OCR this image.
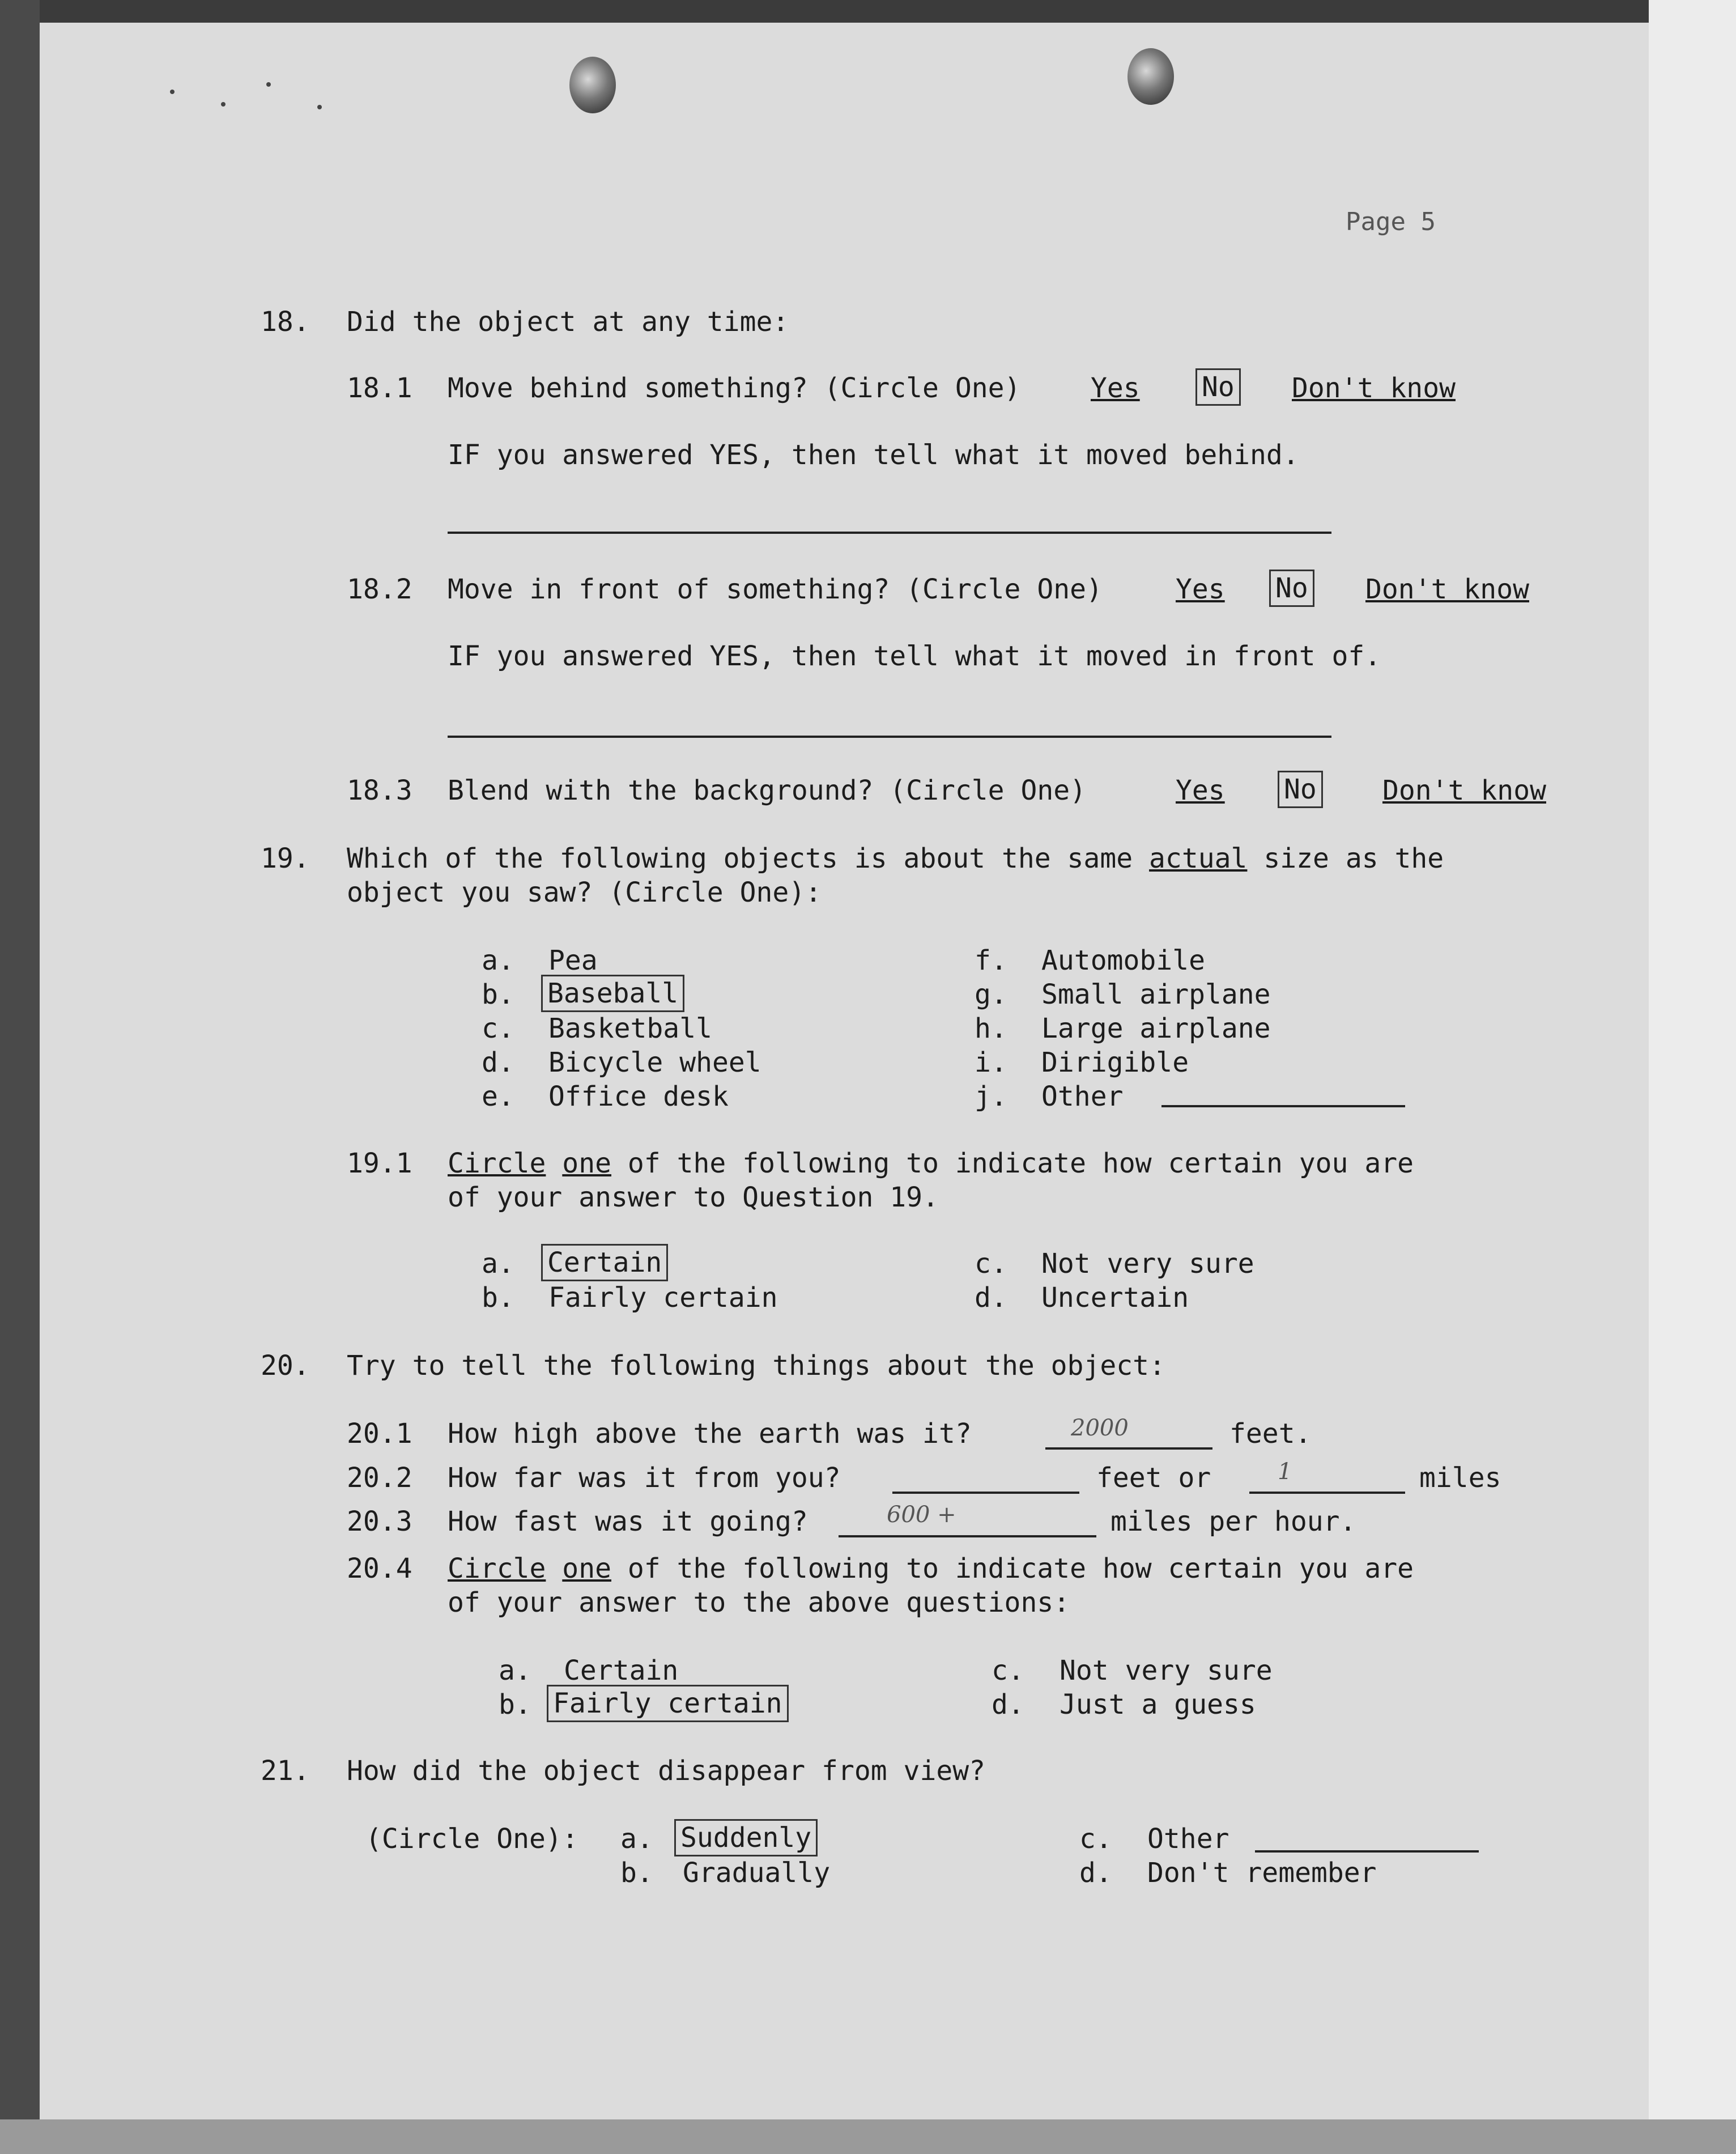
Page 5
18. Did the object at any time:
18.1 Move behind something? (Circle One)	Yes No Don't know
IF you answered YES, then tell what it moved behind.
18.2 Move in front of something? (Circle One)	Yes No Don't know
IF you answered YES, then tell what it moved in front of.
18.3 Blend with the background? (Circle One)	Yes No Don't know
19. Which of the following objects is about the same actual size as the
object you saw? (Circle One):
a. Pea
b. Baseball
c. Basketball
d. Bicycle wheel
e. Office desk
f. Automobile
g. Small airplane
h. Large airplane
i. Dirigible
j. Other
19.1 Circle one of the following to indicate how certain you are
of your answer to Question 19.
a. Certain
b. Fairly certain
c. Not very sure
d. Uncertain
20. Try to tell the following things about the object:
20.1 How high above the earth was it?	2000	feet.
20.2 How far was it from you?	feet or	1	miles
20.3 How fast was it going?	600 +	miles per hour.
20.4 Circle one of the following to indicate how certain you are
of your answer to the above questions:
a. Certain
b. Fairly certain
c. Not very sure
d. Just a guess
21. How did the object disappear from view?
(Circle One): a. Suddenly
b. Gradually
c. Other
d. Don't remember
